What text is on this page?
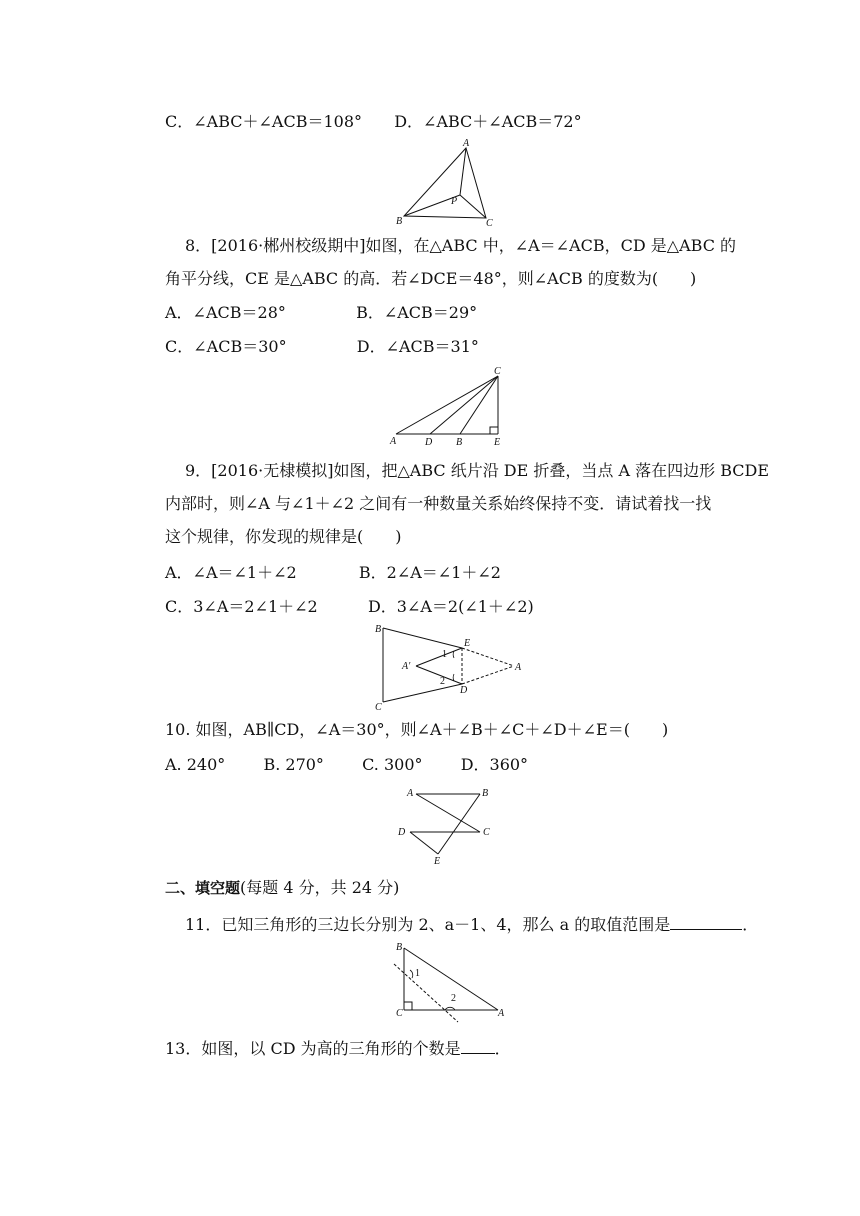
C．∠ABC＋∠ACB＝108° D．∠ABC＋∠ACB＝72°
A
B	C
P
8．[2016·郴州校级期中]如图，在△ABC 中，∠A＝∠ACB，CD 是△ABC 的
角平分线，CE 是△ABC 的高．若∠DCE＝48°，则∠ACB 的度数为(　　)
A．∠ACB＝28°	B．∠ACB＝29°
C．∠ACB＝30°	D．∠ACB＝31°
A	D B	E
C
9．[2016·无棣模拟]如图，把△ABC 纸片沿 DE 折叠，当点 A 落在四边形 BCDE
内部时，则∠A 与∠1＋∠2 之间有一种数量关系始终保持不变．请试着找一找
这个规律，你发现的规律是(　　)
A．∠A＝∠1＋∠2	B．2∠A＝∠1＋∠2
C．3∠A＝2∠1＋∠2	D．3∠A＝2(∠1＋∠2)
B
C
E
D
A
A′
1
2
10. 如图，AB∥CD，∠A＝30°，则∠A＋∠B＋∠C＋∠D＋∠E＝(　　)
A. 240° B. 270° C. 300° D．360°
A	B
C
D
E
二、填空题(每题 4 分，共 24 分)
11．已知三角形的三边长分别为 2、a－1、4，那么 a 的取值范围是	．
B
C	A
1
2
13．如图，以 CD 为高的三角形的个数是 ．
